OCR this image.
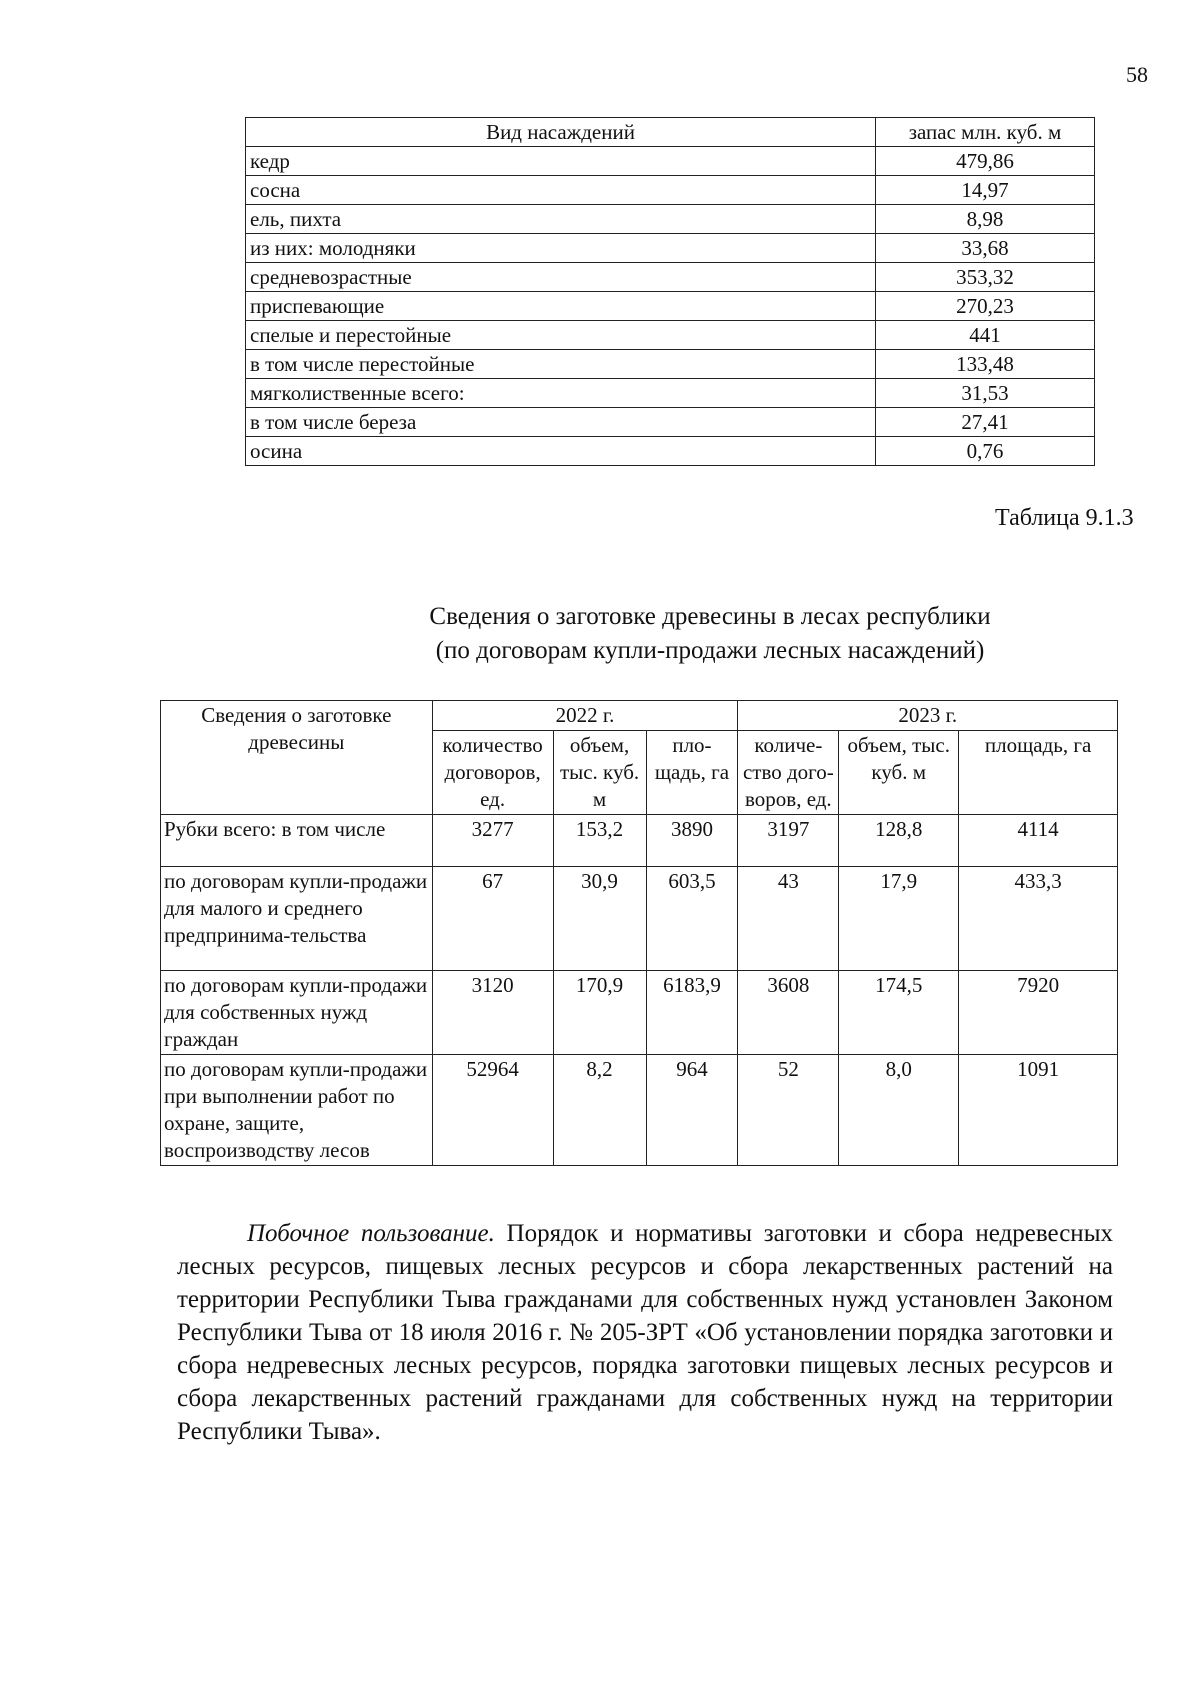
58
Вид насаждений	запас млн. куб. м
кедр	479,86
сосна	14,97
ель, пихта	8,98
из них: молодняки	33,68
средневозрастные	353,32
приспевающие	270,23
спелые и перестойные	441
в том числе перестойные	133,48
мягколиственные всего:	31,53
в том числе береза	27,41
осина	0,76
Таблица 9.1.3
Сведения о заготовке древесины в лесах республики
(по договорам купли-продажи лесных насаждений)
Сведения о заготовке древесины	2022 г.			2023 г.		
	количество договоров, ед.	объем, тыс. куб. м	пло-щадь, га	количе-ство дого-воров, ед.	объем, тыс. куб. м	площадь, га
Рубки всего: в том числе	3277	153,2	3890	3197	128,8	4114
по договорам купли-продажи для малого и среднего предпринима-тельства	67	30,9	603,5	43	17,9	433,3
по договорам купли-продажи для собственных нужд граждан	3120	170,9	6183,9	3608	174,5	7920
по договорам купли-продажи при выполнении работ по охране, защите, воспроизводству лесов	52964	8,2	964	52	8,0	1091
Побочное пользование. Порядок и нормативы заготовки и сбора недревесных лесных ресурсов, пищевых лесных ресурсов и сбора лекарственных растений на территории Республики Тыва гражданами для собственных нужд установлен Законом Республики Тыва от 18 июля 2016 г. № 205-ЗРТ «Об установлении порядка заготовки и сбора недревесных лесных ресурсов, порядка заготовки пищевых лесных ресурсов и сбора лекарственных растений гражданами для собственных нужд на территории Республики Тыва».
